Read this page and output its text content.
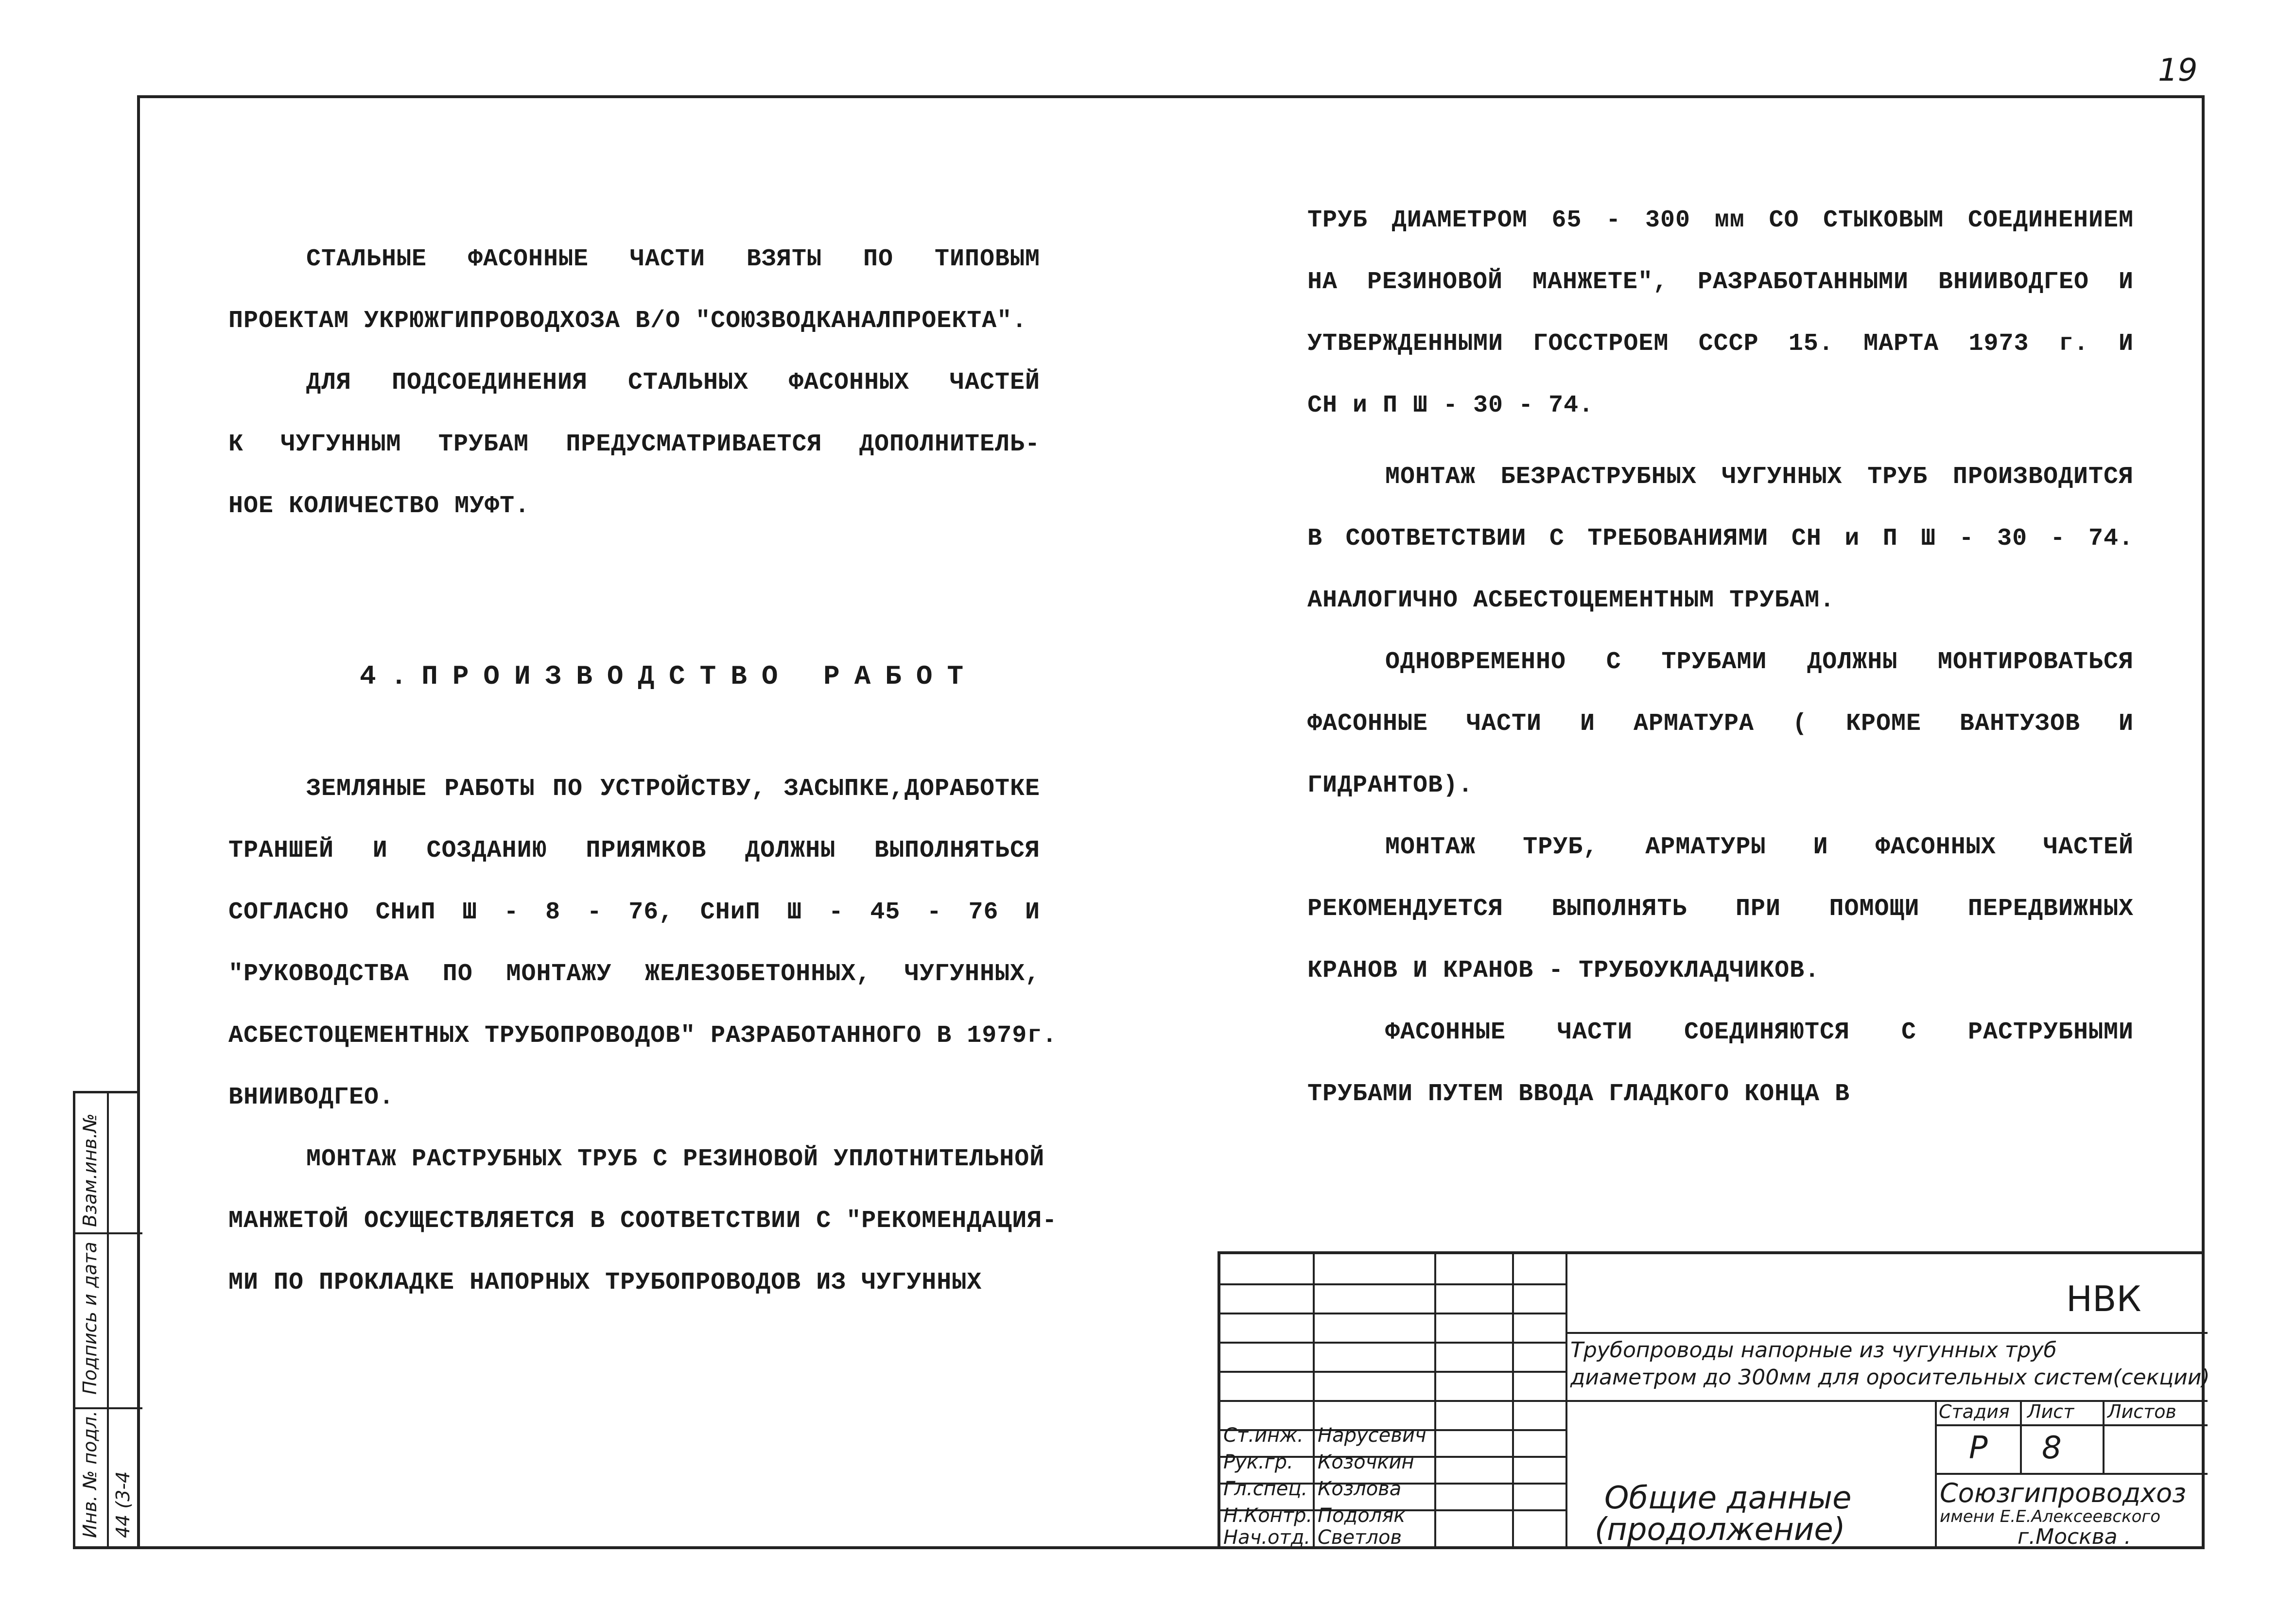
19

СТАЛЬНЫЕ ФАСОННЫЕ ЧАСТИ ВЗЯТЫ ПО ТИПОВЫМ

ПРОЕКТАМ УКРЮЖГИПРОВОДХОЗА В/О "СОЮЗВОДКАНАЛПРОЕКТА".

ДЛЯ ПОДСОЕДИНЕНИЯ СТАЛЬНЫХ ФАСОННЫХ ЧАСТЕЙ

К ЧУГУННЫМ ТРУБАМ ПРЕДУСМАТРИВАЕТСЯ ДОПОЛНИТЕЛЬ-

НОЕ КОЛИЧЕСТВО МУФТ.

4.ПРОИЗВОДСТВО РАБОТ

ЗЕМЛЯНЫЕ РАБОТЫ ПО УСТРОЙСТВУ, ЗАСЫПКЕ,ДОРАБОТКЕ

ТРАНШЕЙ И СОЗДАНИЮ ПРИЯМКОВ ДОЛЖНЫ ВЫПОЛНЯТЬСЯ

СОГЛАСНО СНиП Ш - 8 - 76, СНиП Ш - 45 - 76 И

"РУКОВОДСТВА ПО МОНТАЖУ ЖЕЛЕЗОБЕТОННЫХ, ЧУГУННЫХ,

АСБЕСТОЦЕМЕНТНЫХ ТРУБОПРОВОДОВ" РАЗРАБОТАННОГО В 1979г.

ВНИИВОДГЕО.

МОНТАЖ РАСТРУБНЫХ ТРУБ С РЕЗИНОВОЙ УПЛОТНИТЕЛЬНОЙ

МАНЖЕТОЙ ОСУЩЕСТВЛЯЕТСЯ В СООТВЕТСТВИИ С "РЕКОМЕНДАЦИЯ-

МИ ПО ПРОКЛАДКЕ НАПОРНЫХ ТРУБОПРОВОДОВ ИЗ ЧУГУННЫХ

ТРУБ ДИАМЕТРОМ 65 - 300 мм СО СТЫКОВЫМ СОЕДИНЕНИЕМ

НА РЕЗИНОВОЙ МАНЖЕТЕ", РАЗРАБОТАННЫМИ ВНИИВОДГЕО И

УТВЕРЖДЕННЫМИ ГОССТРОЕМ СССР 15. МАРТА 1973 г. И

СН и П Ш - 30 - 74.

МОНТАЖ БЕЗРАСТРУБНЫХ ЧУГУННЫХ ТРУБ ПРОИЗВОДИТСЯ

В СООТВЕТСТВИИ С ТРЕБОВАНИЯМИ СН и П Ш - 30 - 74.

АНАЛОГИЧНО АСБЕСТОЦЕМЕНТНЫМ ТРУБАМ.

ОДНОВРЕМЕННО С ТРУБАМИ ДОЛЖНЫ МОНТИРОВАТЬСЯ

ФАСОННЫЕ ЧАСТИ И АРМАТУРА ( КРОМЕ ВАНТУЗОВ И

ГИДРАНТОВ).

МОНТАЖ ТРУБ, АРМАТУРЫ И ФАСОННЫХ ЧАСТЕЙ

РЕКОМЕНДУЕТСЯ ВЫПОЛНЯТЬ ПРИ ПОМОЩИ ПЕРЕДВИЖНЫХ

КРАНОВ И КРАНОВ - ТРУБОУКЛАДЧИКОВ.

ФАСОННЫЕ ЧАСТИ СОЕДИНЯЮТСЯ С РАСТРУБНЫМИ

ТРУБАМИ ПУТЕМ ВВОДА ГЛАДКОГО КОНЦА В

Взам.инв.№
Подпись и дата
Инв. № подл. 44 (3-4
Ст.инж. Нарусевич
Рук.гр. Козочкин
Гл.спец. Козлова
Н.Контр. Подоляк
Нач.отд. Светлов
НВК
Трубопроводы напорные из чугунных труб
диаметром до 300мм для оросительных систем(секции)
Стадия Лист Листов
Р 8
Общие данные
(продолжение)
Союзгипроводхоз
имени Е.Е.Алексеевского
г.Москва .
